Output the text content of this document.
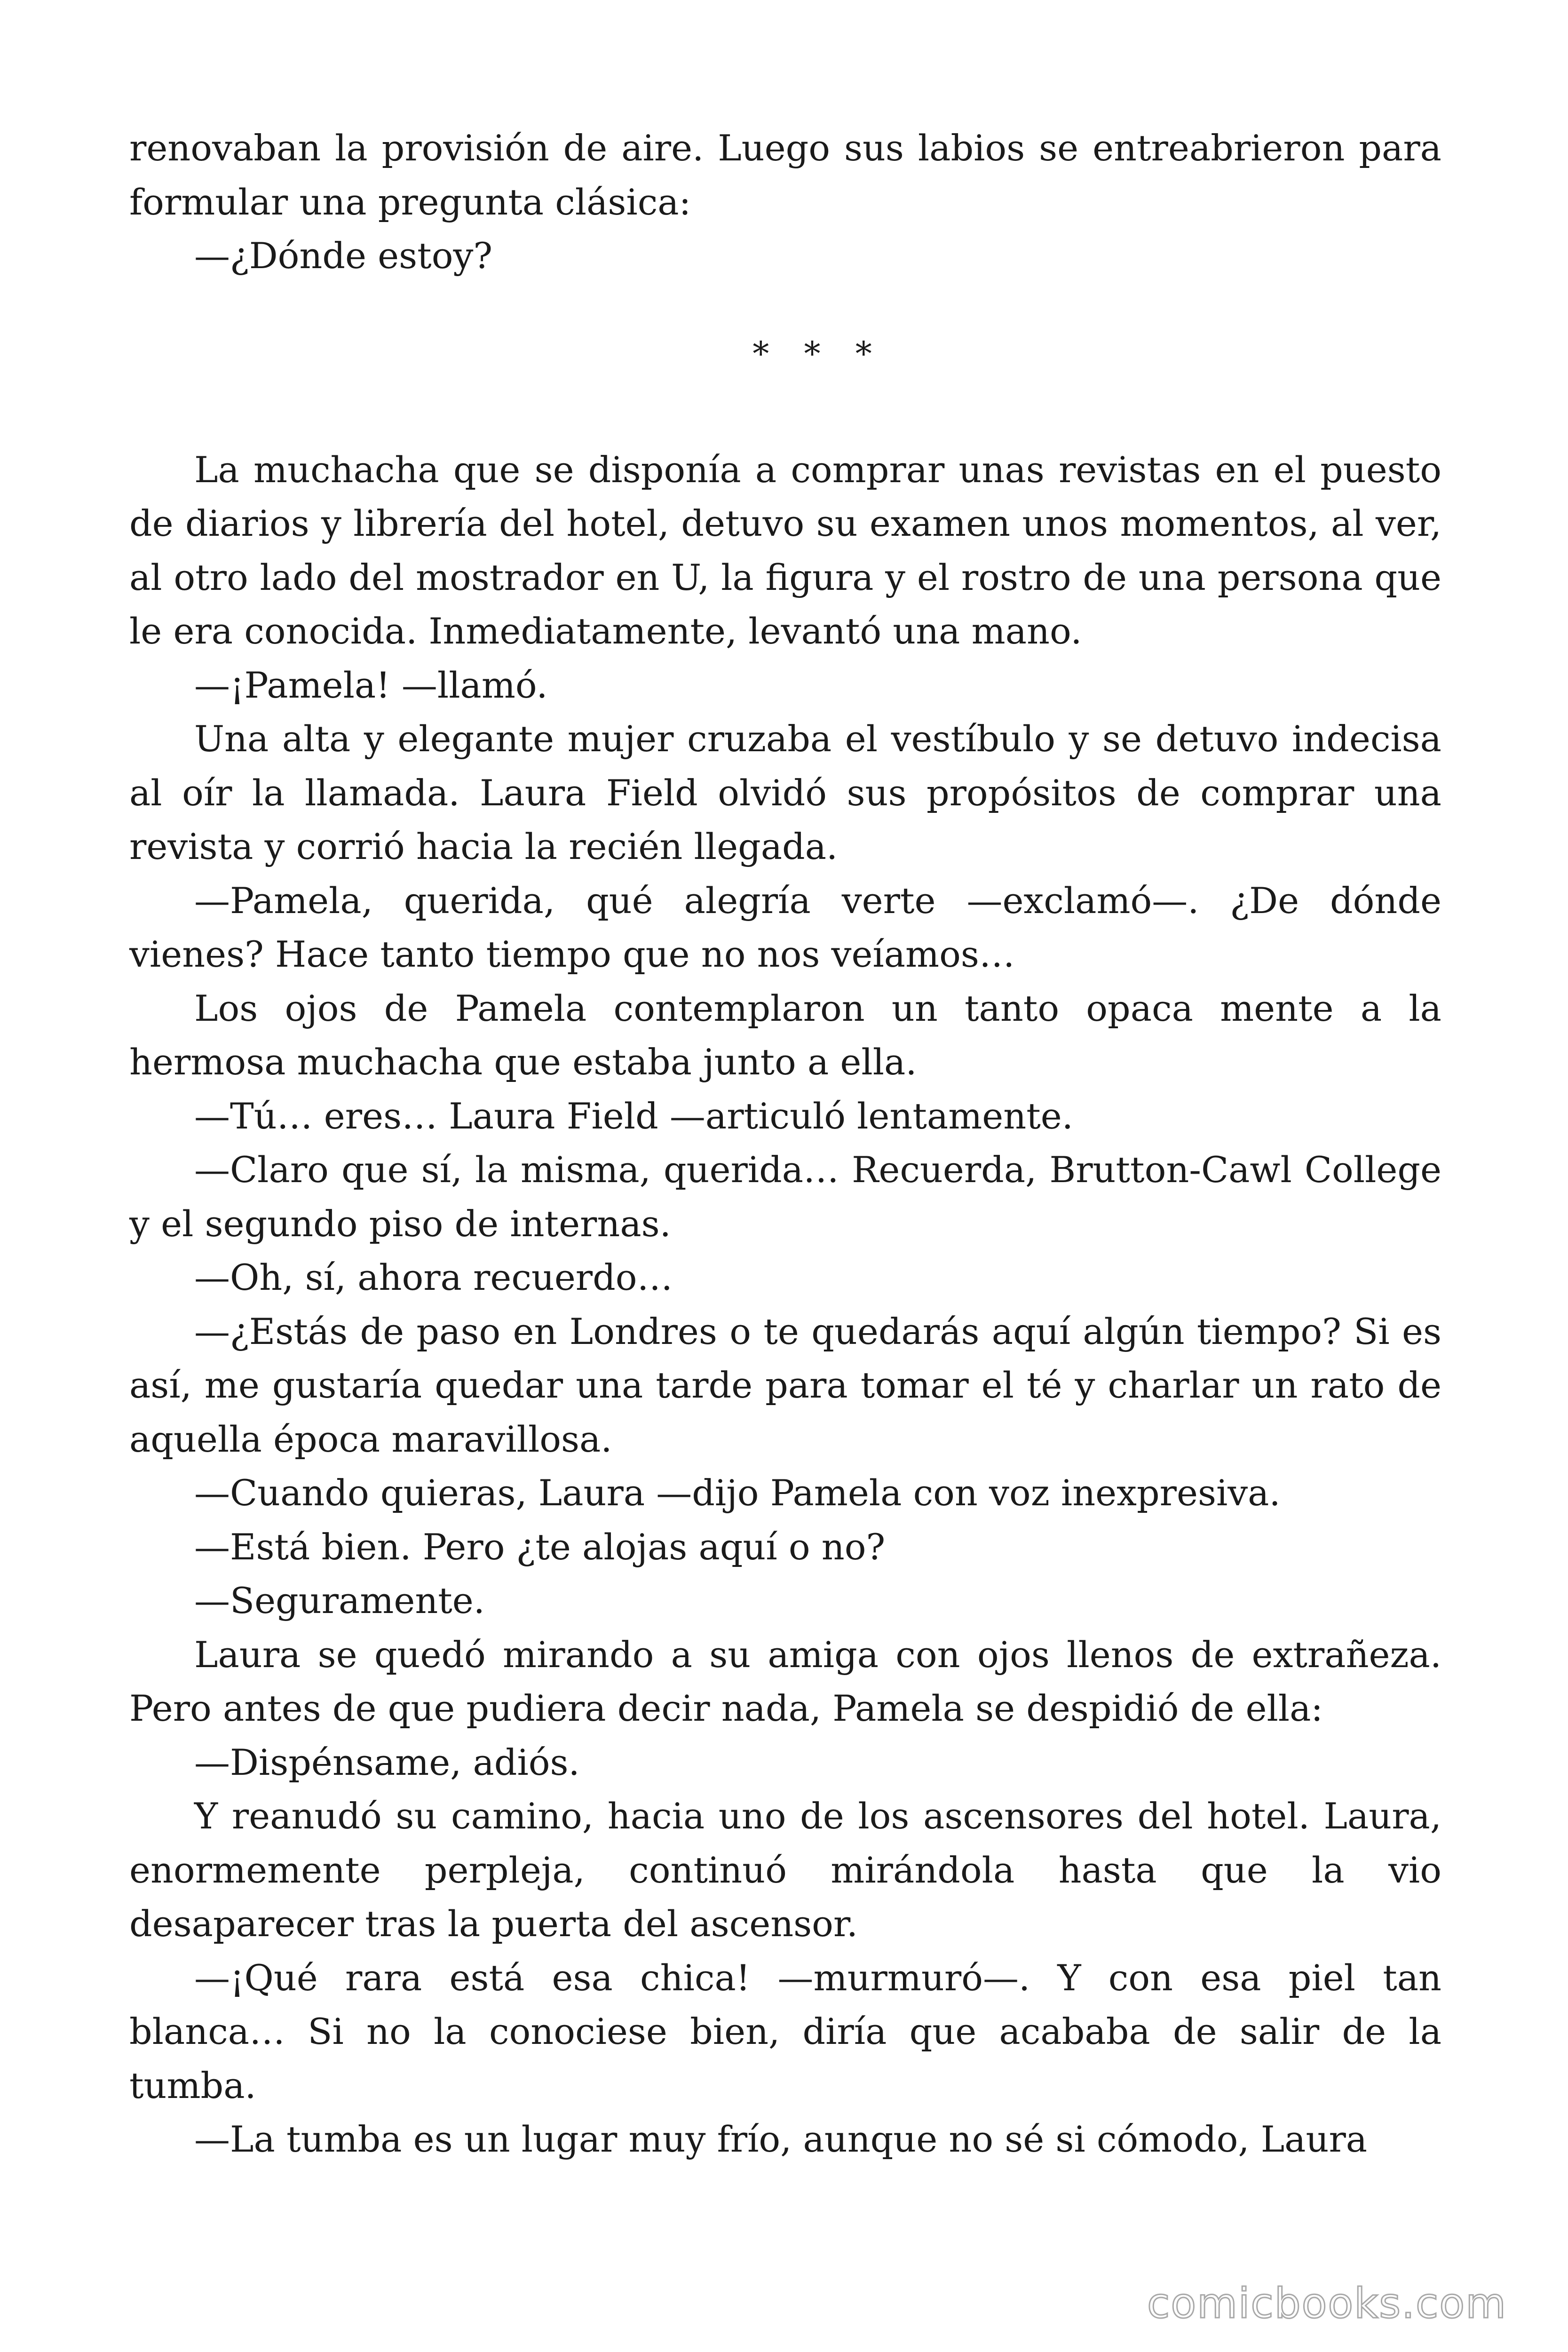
renovaban la provisión de aire. Luego sus labios se entreabrieron para formular una pregunta clásica:

—¿Dónde estoy?

* * *

La muchacha que se disponía a comprar unas revistas en el puesto de diarios y librería del hotel, detuvo su examen unos momentos, al ver, al otro lado del mostrador en U, la figura y el rostro de una persona que le era conocida. Inmediatamente, levantó una mano.

—¡Pamela! —llamó.

Una alta y elegante mujer cruzaba el vestíbulo y se detuvo indecisa al oír la llamada. Laura Field olvidó sus propósitos de comprar una revista y corrió hacia la recién llegada.

—Pamela, querida, qué alegría verte —exclamó—. ¿De dónde vienes? Hace tanto tiempo que no nos veíamos…

Los ojos de Pamela contemplaron un tanto opaca mente a la hermosa muchacha que estaba junto a ella.

—Tú… eres… Laura Field —articuló lentamente.

—Claro que sí, la misma, querida… Recuerda, Brutton-Cawl College y el segundo piso de internas.

—Oh, sí, ahora recuerdo…

—¿Estás de paso en Londres o te quedarás aquí algún tiempo? Si es así, me gustaría quedar una tarde para tomar el té y charlar un rato de aquella época maravillosa.

—Cuando quieras, Laura —dijo Pamela con voz inexpresiva.

—Está bien. Pero ¿te alojas aquí o no?

—Seguramente.

Laura se quedó mirando a su amiga con ojos llenos de extrañeza. Pero antes de que pudiera decir nada, Pamela se despidió de ella:

—Dispénsame, adiós.

Y reanudó su camino, hacia uno de los ascensores del hotel. Laura, enormemente perpleja, continuó mirándola hasta que la vio desaparecer tras la puerta del ascensor.

—¡Qué rara está esa chica! —murmuró—. Y con esa piel tan blanca… Si no la conociese bien, diría que acababa de salir de la tumba.

—La tumba es un lugar muy frío, aunque no sé si cómodo, Laura

comicbooks.com
